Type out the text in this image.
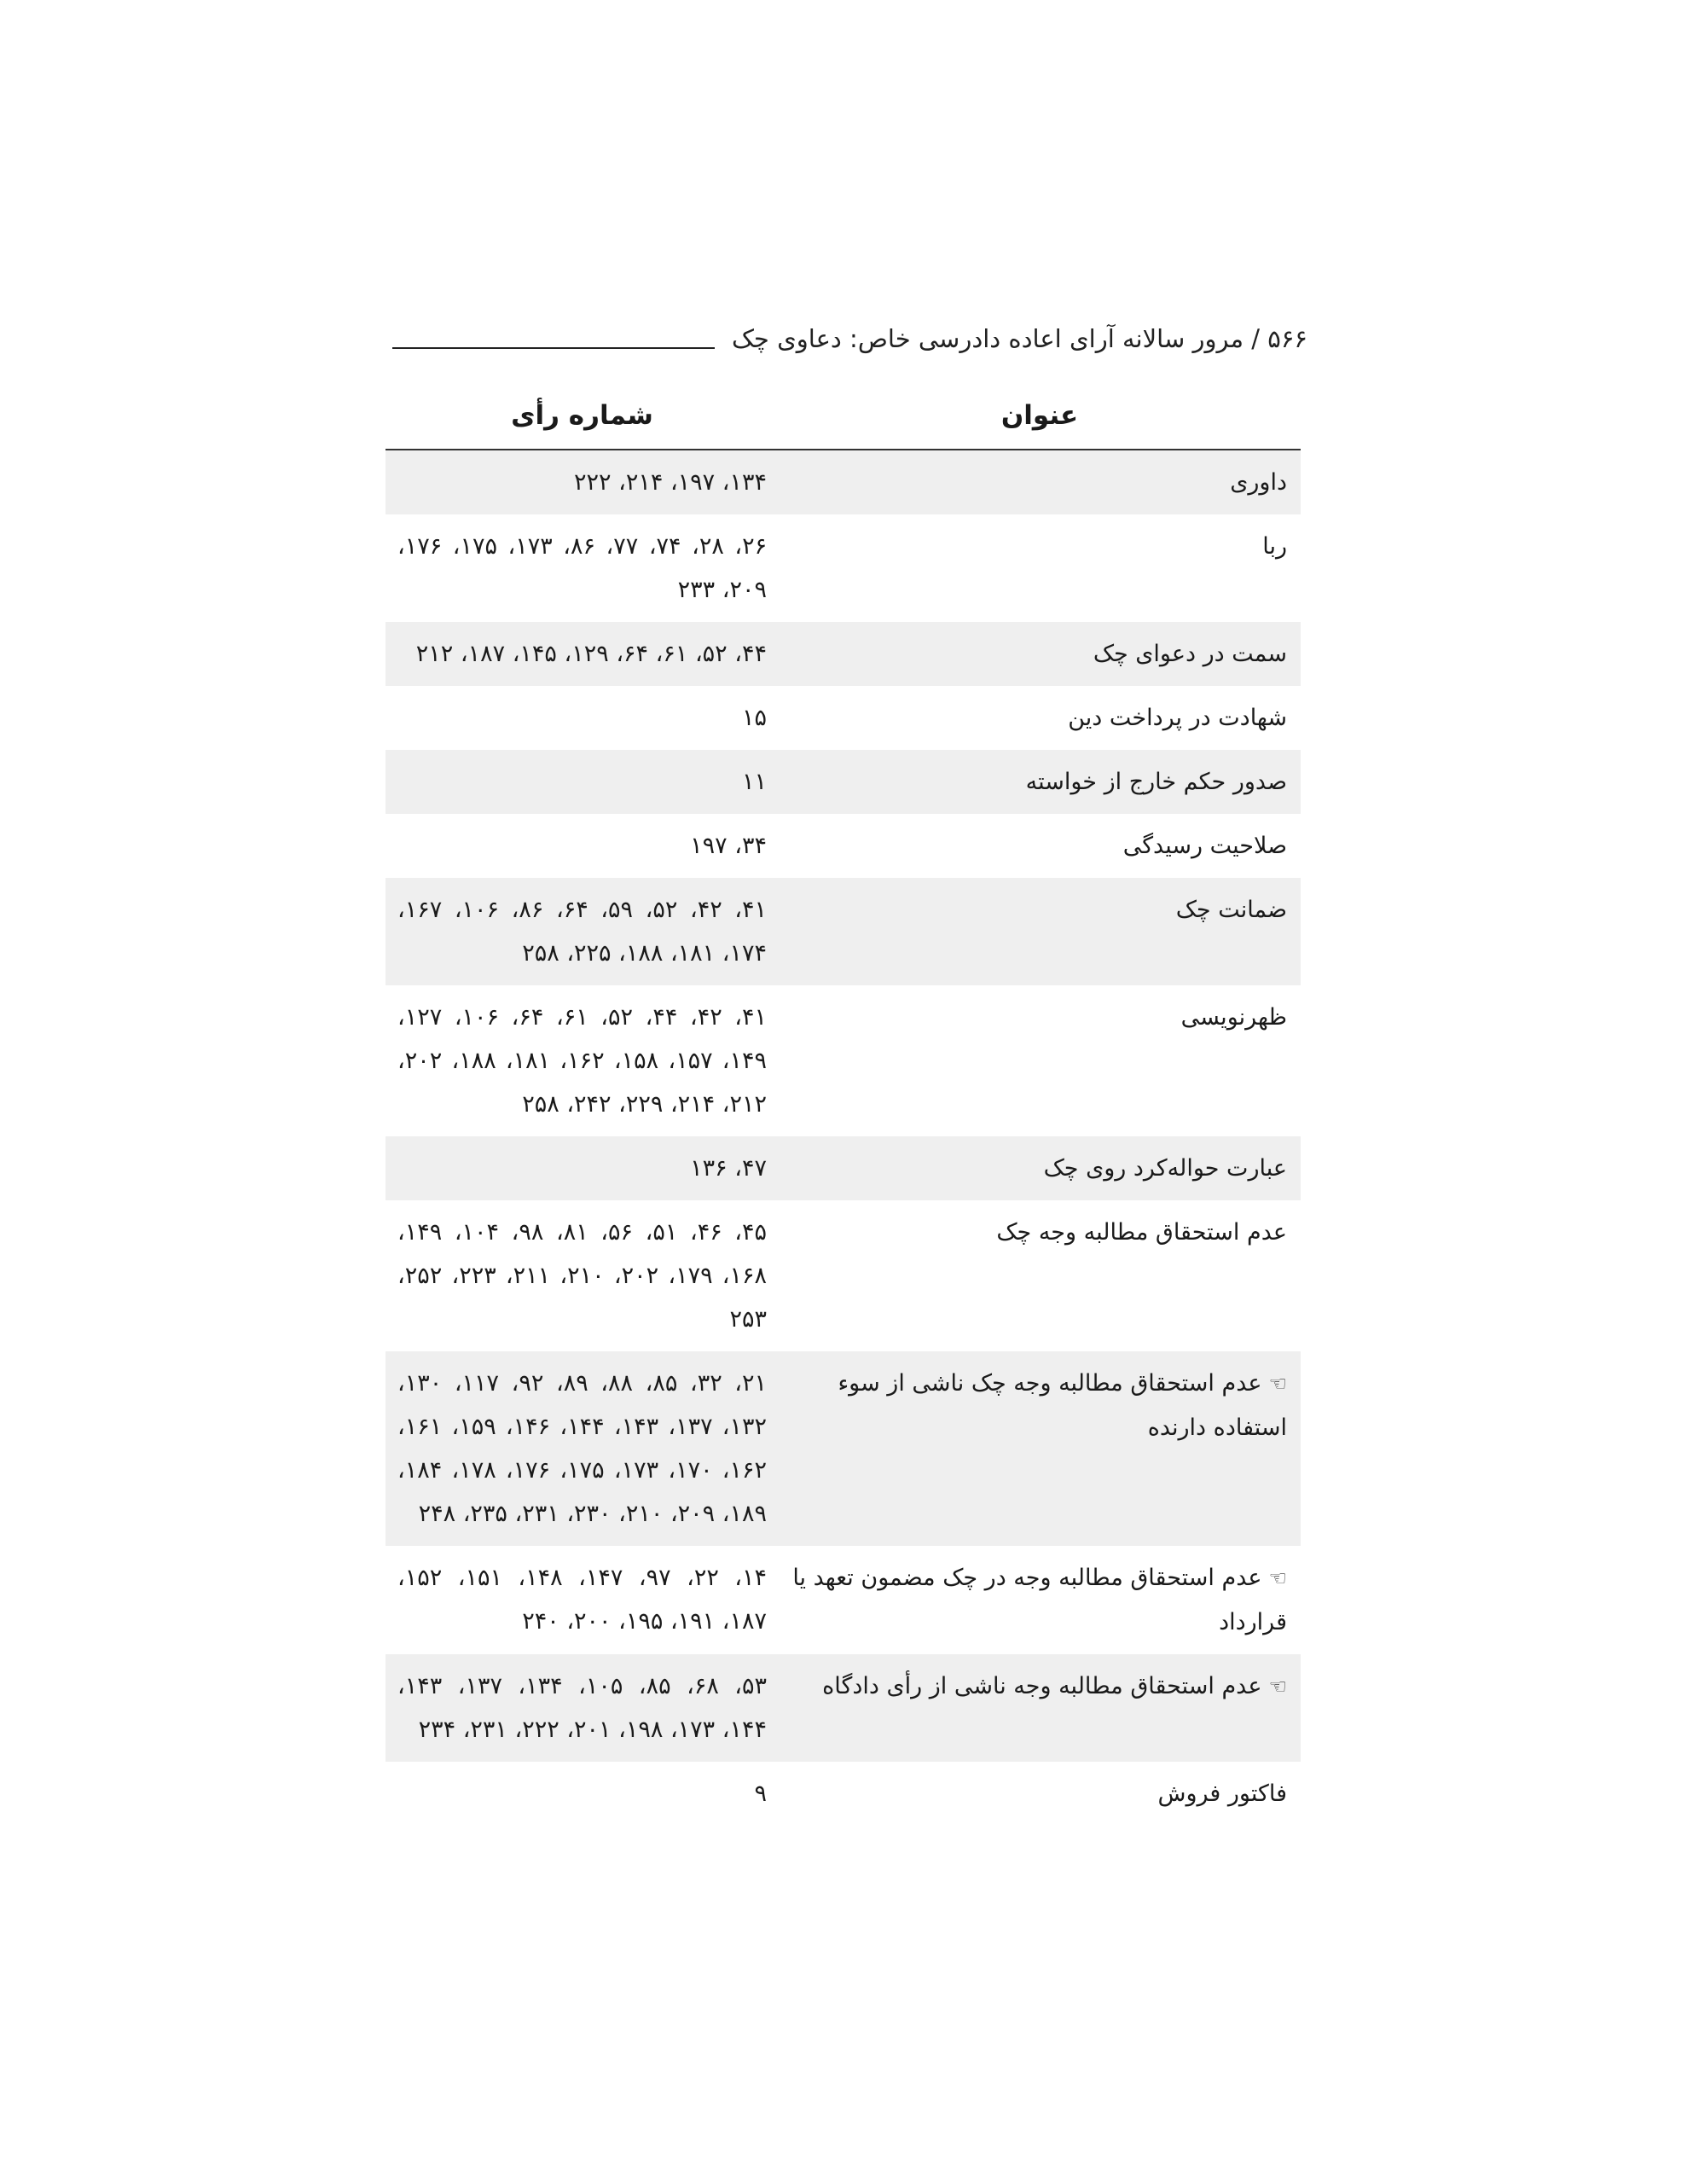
۵۶۶ / مرور سالانه آرای اعاده دادرسی خاص: دعاوی چک
عنوان	شماره رأی
داوری	۱۳۴، ۱۹۷، ۲۱۴، ۲۲۲
ربا	۲۶، ۲۸، ۷۴، ۷۷، ۸۶، ۱۷۳، ۱۷۵، ۱۷۶، ۲۰۹، ۲۳۳
سمت در دعوای چک	۴۴، ۵۲، ۶۱، ۶۴، ۱۲۹، ۱۴۵، ۱۸۷، ۲۱۲
شهادت در پرداخت دین	۱۵
صدور حکم خارج از خواسته	۱۱
صلاحیت رسیدگی	۳۴، ۱۹۷
ضمانت چک	۴۱، ۴۲، ۵۲، ۵۹، ۶۴، ۸۶، ۱۰۶، ۱۶۷، ۱۷۴، ۱۸۱، ۱۸۸، ۲۲۵، ۲۵۸
ظهرنویسی	۴۱، ۴۲، ۴۴، ۵۲، ۶۱، ۶۴، ۱۰۶، ۱۲۷، ۱۴۹، ۱۵۷، ۱۵۸، ۱۶۲، ۱۸۱، ۱۸۸، ۲۰۲، ۲۱۲، ۲۱۴، ۲۲۹، ۲۴۲، ۲۵۸
عبارت حواله‌کرد روی چک	۴۷، ۱۳۶
عدم استحقاق مطالبه وجه چک	۴۵، ۴۶، ۵۱، ۵۶، ۸۱، ۹۸، ۱۰۴، ۱۴۹، ۱۶۸، ۱۷۹، ۲۰۲، ۲۱۰، ۲۱۱، ۲۲۳، ۲۵۲، ۲۵۳
☜عدم استحقاق مطالبه وجه چک ناشی از سوء استفاده دارنده	۲۱، ۳۲، ۸۵، ۸۸، ۸۹، ۹۲، ۱۱۷، ۱۳۰، ۱۳۲، ۱۳۷، ۱۴۳، ۱۴۴، ۱۴۶، ۱۵۹، ۱۶۱، ۱۶۲، ۱۷۰، ۱۷۳، ۱۷۵، ۱۷۶، ۱۷۸، ۱۸۴، ۱۸۹، ۲۰۹، ۲۱۰، ۲۳۰، ۲۳۱، ۲۳۵، ۲۴۸
☜عدم استحقاق مطالبه وجه در چک مضمون تعهد یا قرارداد	۱۴، ۲۲، ۹۷، ۱۴۷، ۱۴۸، ۱۵۱، ۱۵۲، ۱۸۷، ۱۹۱، ۱۹۵، ۲۰۰، ۲۴۰
☜عدم استحقاق مطالبه وجه ناشی از رأی دادگاه	۵۳، ۶۸، ۸۵، ۱۰۵، ۱۳۴، ۱۳۷، ۱۴۳، ۱۴۴، ۱۷۳، ۱۹۸، ۲۰۱، ۲۲۲، ۲۳۱، ۲۳۴
فاکتور فروش	۹
